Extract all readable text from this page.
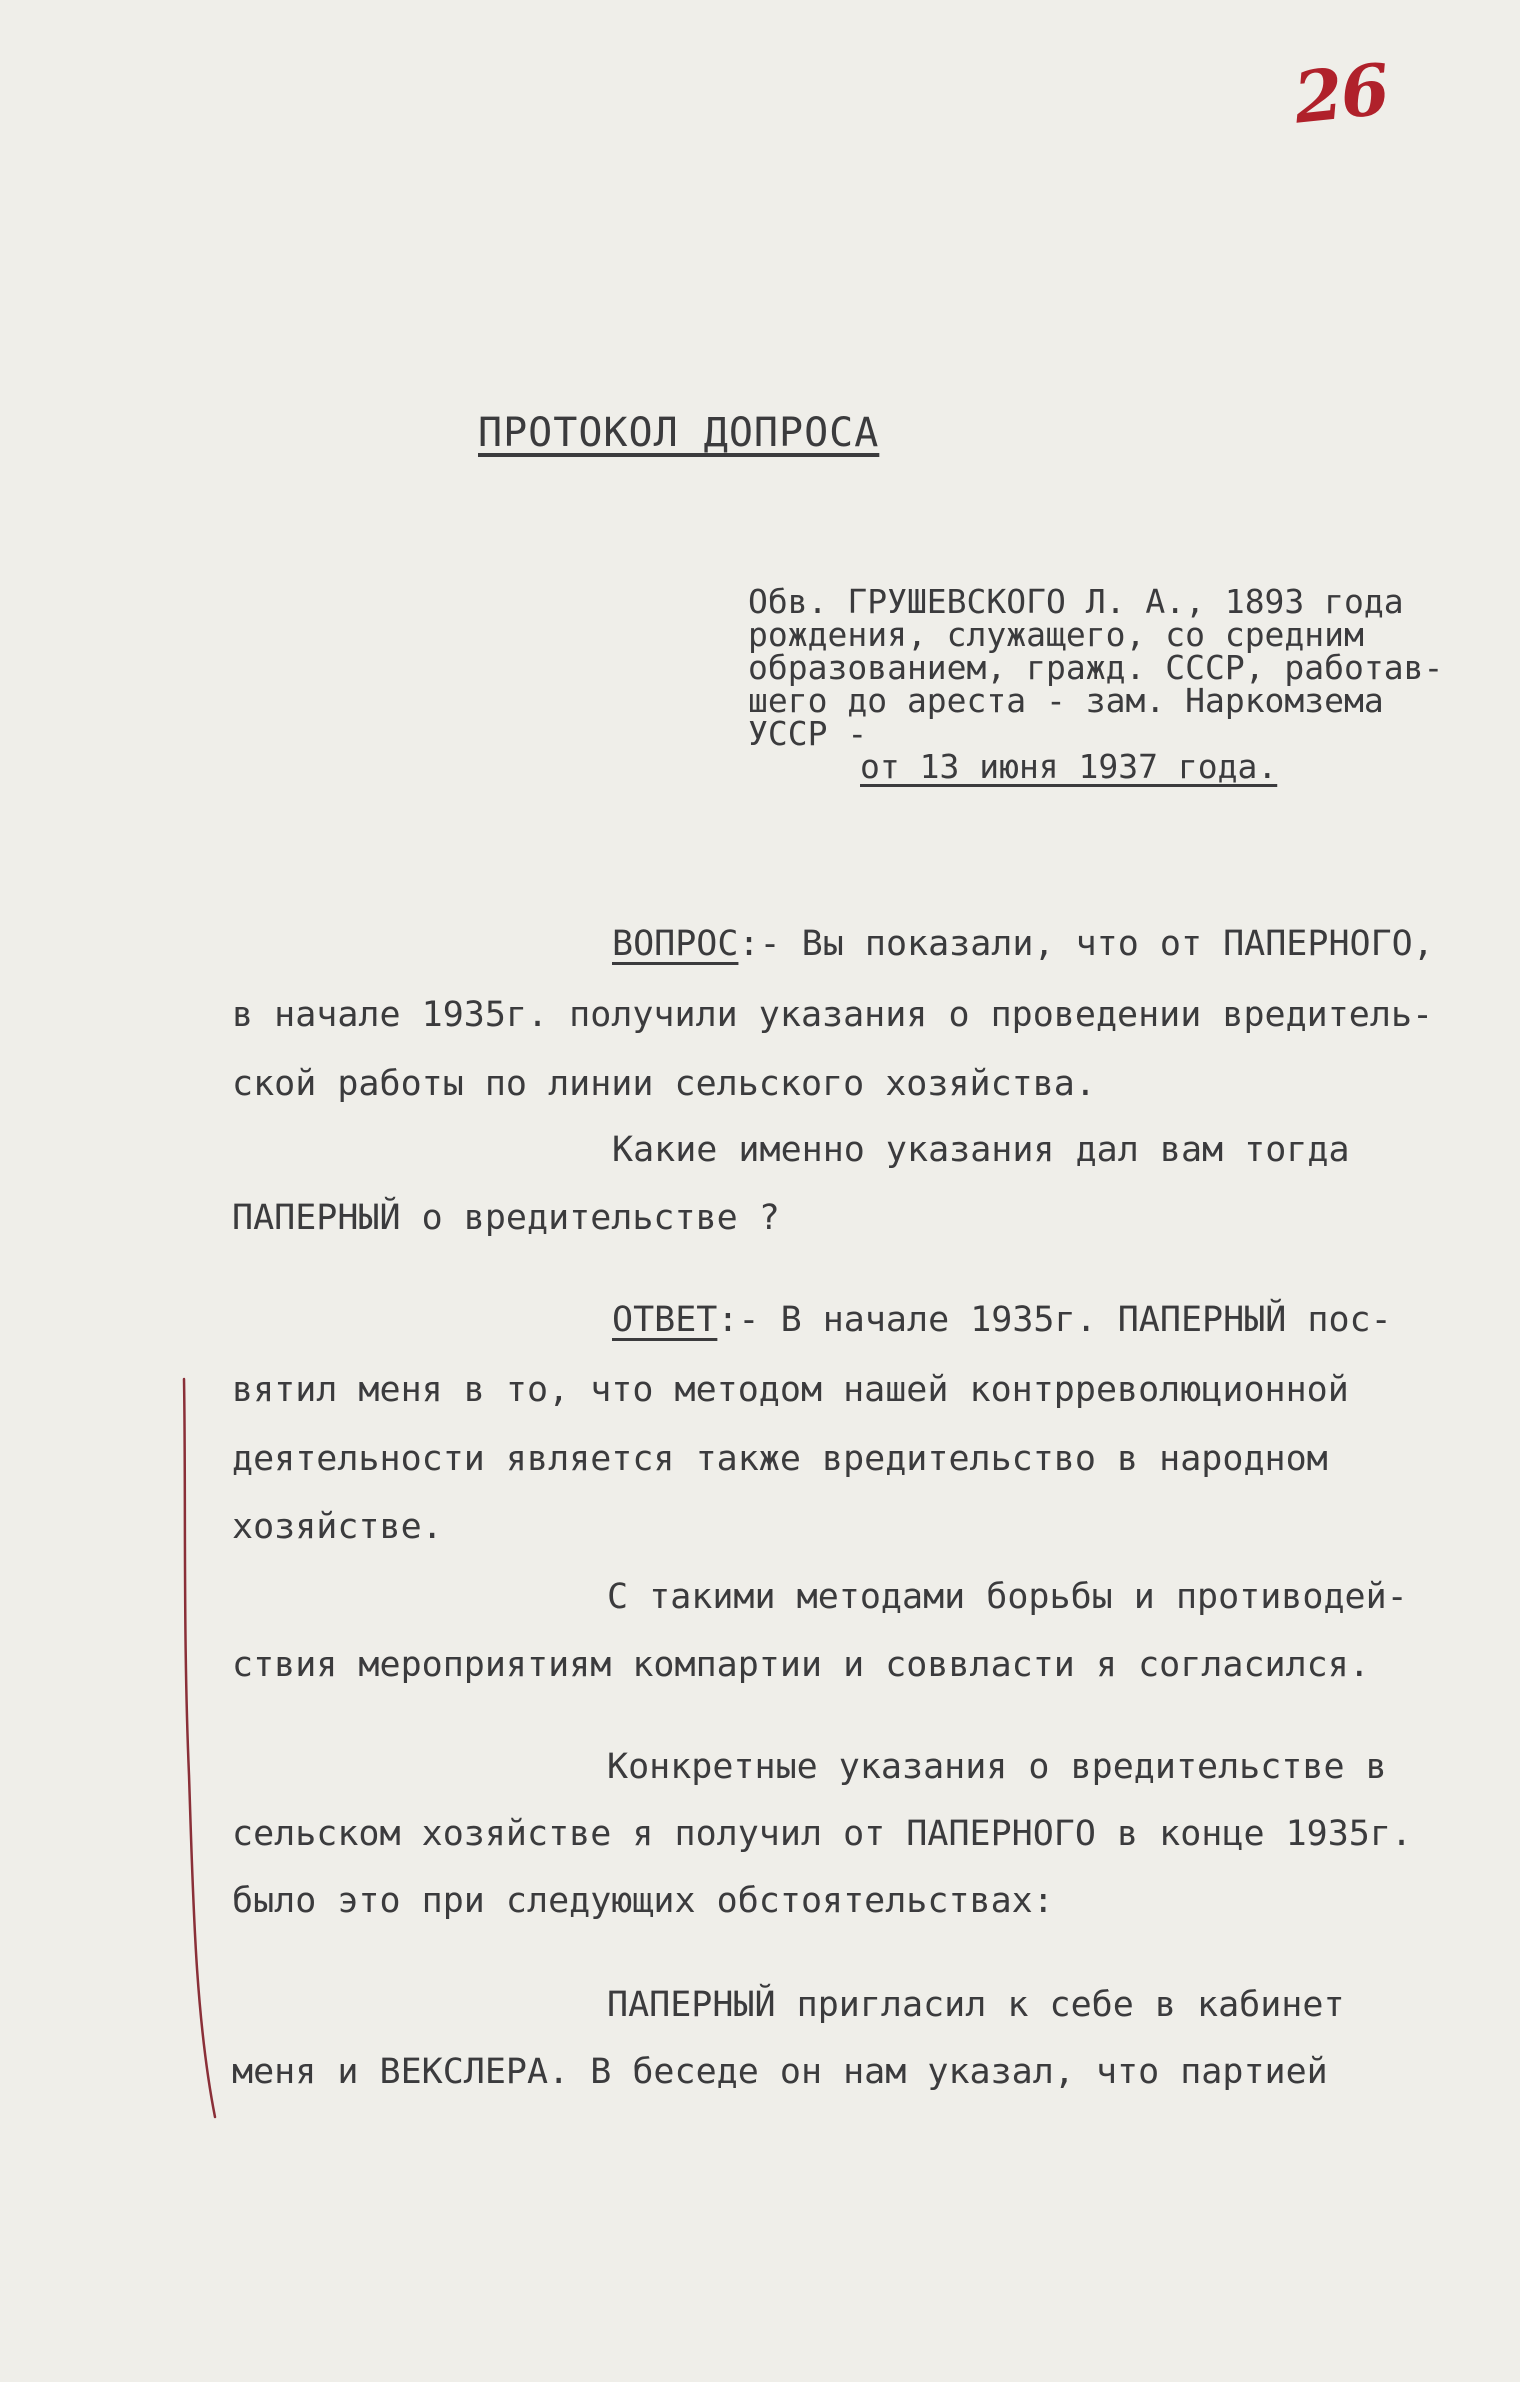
26
ПРОТОКОЛ ДОПРОСА
Обв. ГРУШЕВСКОГО Л. А., 1893 года
рождения, служащего, со средним
образованием, гражд. СССР, работав-
шего до ареста - зам. Наркомзема
УССР -
от 13 июня 1937 года.
ВОПРОС:- Вы показали, что от ПАПЕРНОГО,
в начале 1935г. получили указания о проведении вредитель-
ской работы по линии сельского хозяйства.
Какие именно указания дал вам тогда
ПАПЕРНЫЙ о вредительстве ?
ОТВЕТ:- В начале 1935г. ПАПЕРНЫЙ пос-
вятил меня в то, что методом нашей контрреволюционной
деятельности является также вредительство в народном
хозяйстве.
С такими методами борьбы и противодей-
ствия мероприятиям компартии и соввласти я согласился.
Конкретные указания о вредительстве в
сельском хозяйстве я получил от ПАПЕРНОГО в конце 1935г.
было это при следующих обстоятельствах:
ПАПЕРНЫЙ пригласил к себе в кабинет
меня и ВЕКСЛЕРА. В беседе он нам указал, что партией
